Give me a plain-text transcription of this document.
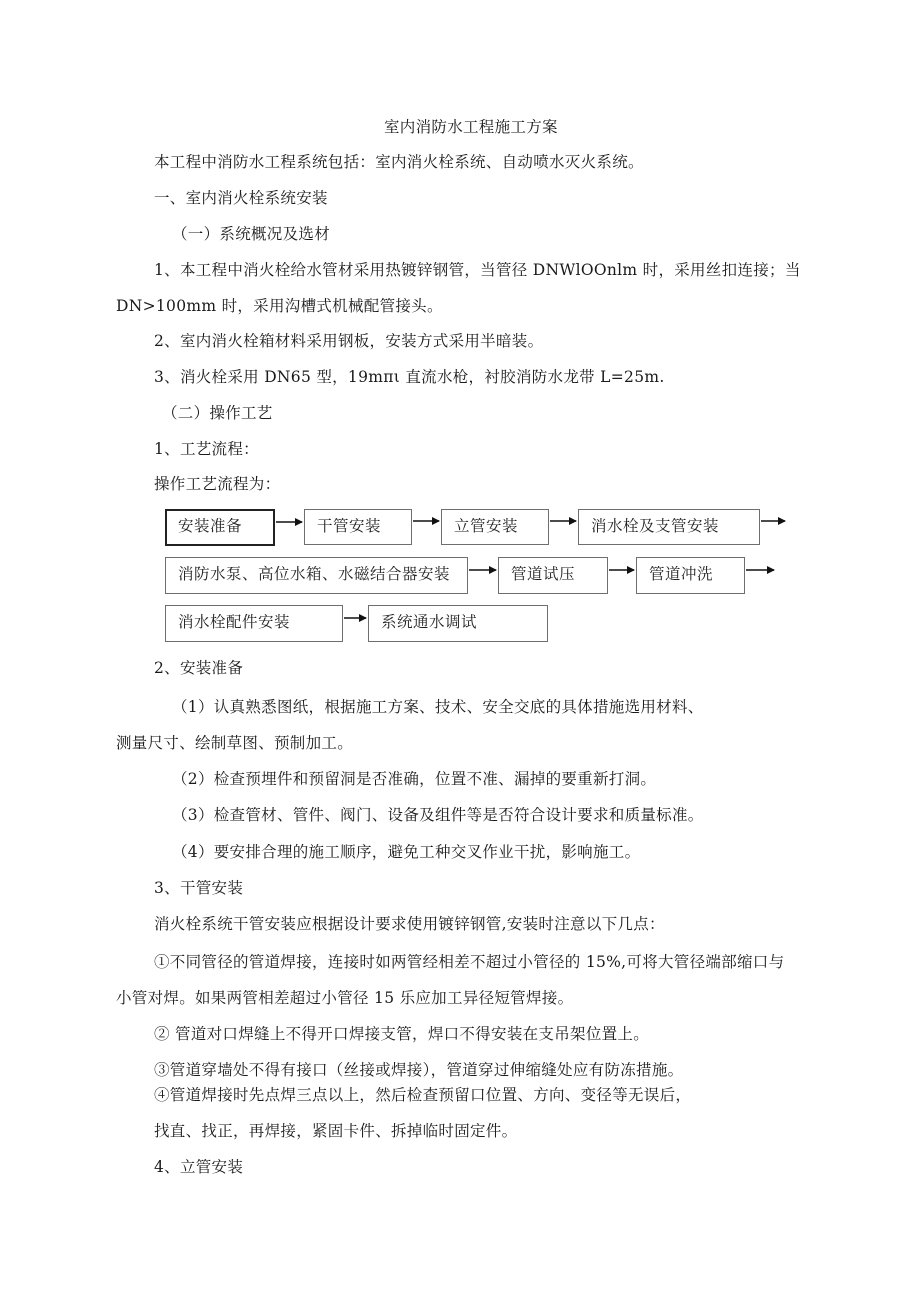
室内消防水工程施工方案
本工程中消防水工程系统包括：室内消火栓系统、自动喷水灭火系统。
一、室内消火栓系统安装
（一）系统概况及选材
1、本工程中消火栓给水管材采用热镀锌钢管，当管径 DNWlOOnlm 时，采用丝扣连接；当
DN>100mm 时，采用沟槽式机械配管接头。
2、室内消火栓箱材料采用钢板，安装方式采用半暗装。
3、消火栓采用 DN65 型，19mπι 直流水枪，衬胶消防水龙带 L=25m.
（二）操作工艺
1、工艺流程：
操作工艺流程为：
安装准备	干管安装	立管安装	消水栓及支管安装
消防水泵、高位水箱、水磁结合器安装	管道试压	管道冲洗
消水栓配件安装	系统通水调试
2、安装准备
（1）认真熟悉图纸，根据施工方案、技术、安全交底的具体措施选用材料、
测量尺寸、绘制草图、预制加工。
（2）检查预埋件和预留洞是否准确，位置不准、漏掉的要重新打洞。
（3）检查管材、管件、阀门、设备及组件等是否符合设计要求和质量标准。
（4）要安排合理的施工顺序，避免工种交叉作业干扰，影响施工。
3、干管安装
消火栓系统干管安装应根据设计要求使用镀锌钢管,安装时注意以下几点：
①不同管径的管道焊接，连接时如两管经相差不超过小管径的 15%,可将大管径端部缩口与
小管对焊。如果两管相差超过小管径 15 乐应加工异径短管焊接。
② 管道对口焊缝上不得开口焊接支管，焊口不得安装在支吊架位置上。
③管道穿墙处不得有接口（丝接或焊接），管道穿过伸缩缝处应有防冻措施。
④管道焊接时先点焊三点以上，然后检查预留口位置、方向、变径等无误后，
找直、找正，再焊接，紧固卡件、拆掉临时固定件。
4、立管安装
